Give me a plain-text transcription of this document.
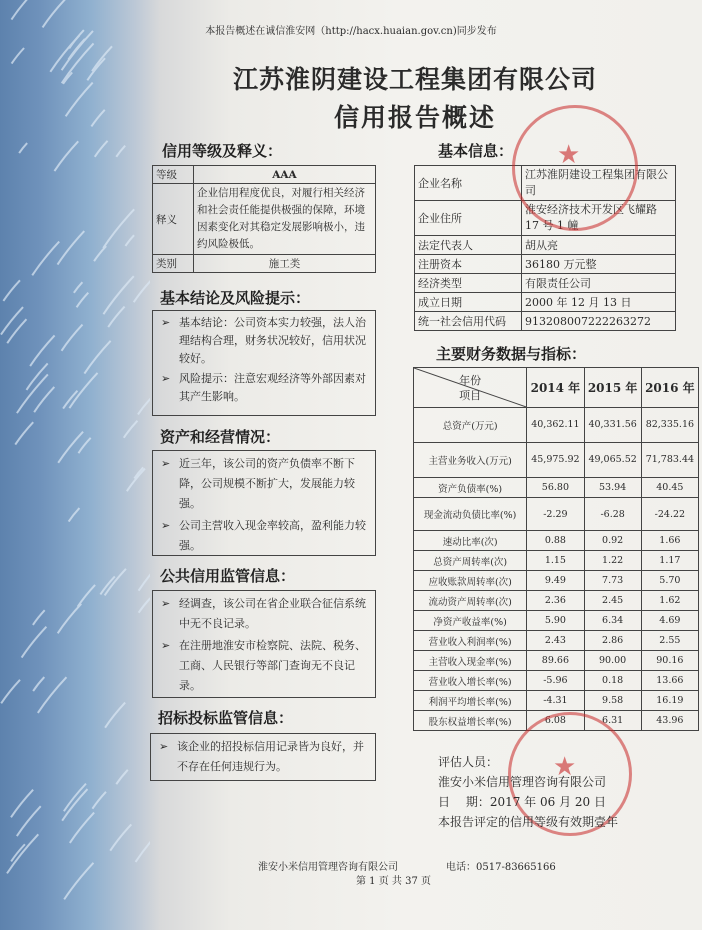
本报告概述在诚信淮安网（http://hacx.huaian.gov.cn)同步发布
江苏淮阴建设工程集团有限公司
信用报告概述
信用等级及释义：
等级	AAA
释义	企业信用程度优良，对履行相关经济和社会责任能提供极强的保障，环境因素变化对其稳定发展影响极小，违约风险极低。
类别	施工类
基本结论及风险提示：
➢ 基本结论：公司资本实力较强，法人治理结构合理，财务状况较好，信用状况较好。
➢ 风险提示：注意宏观经济等外部因素对其产生影响。
资产和经营情况：
➢ 近三年，该公司的资产负债率不断下降，公司规模不断扩大，发展能力较强。
➢ 公司主营收入现金率较高，盈利能力较强。
公共信用监管信息：
➢ 经调查，该公司在省企业联合征信系统中无不良记录。
➢ 在注册地淮安市检察院、法院、税务、工商、人民银行等部门查询无不良记录。
招标投标监管信息：
➢ 该企业的招投标信用记录皆为良好，并不存在任何违规行为。
基本信息：
企业名称	江苏淮阴建设工程集团有限公司
企业住所	淮安经济技术开发区飞耀路 17 号 1 幢
法定代表人	胡从亮
注册资本	36180 万元整
经济类型	有限责任公司
成立日期	2000 年 12 月 13 日
统一社会信用代码	913208007222263272
主要财务数据与指标：
年份
项目	2014 年	2015 年	2016 年
总资产(万元)	40,362.11	40,331.56	82,335.16
主营业务收入(万元)	45,975.92	49,065.52	71,783.44
资产负债率(%)	56.80	53.94	40.45
现金流动负债比率(%)	-2.29	-6.28	-24.22
速动比率(次)	0.88	0.92	1.66
总资产周转率(次)	1.15	1.22	1.17
应收账款周转率(次)	9.49	7.73	5.70
流动资产周转率(次)	2.36	2.45	1.62
净资产收益率(%)	5.90	6.34	4.69
营业收入利润率(%)	2.43	2.86	2.55
主营收入现金率(%)	89.66	90.00	90.16
营业收入增长率(%)	-5.96	0.18	13.66
利润平均增长率(%)	-4.31	9.58	16.19
股东权益增长率(%)	6.08	6.31	43.96
★
★
评估人员：
淮安小米信用管理咨询有限公司
日　 期：2017 年 06 月 20 日
本报告评定的信用等级有效期壹年
淮安小米信用管理咨询有限公司	电话：0517-83665166
第 1 页 共 37 页
